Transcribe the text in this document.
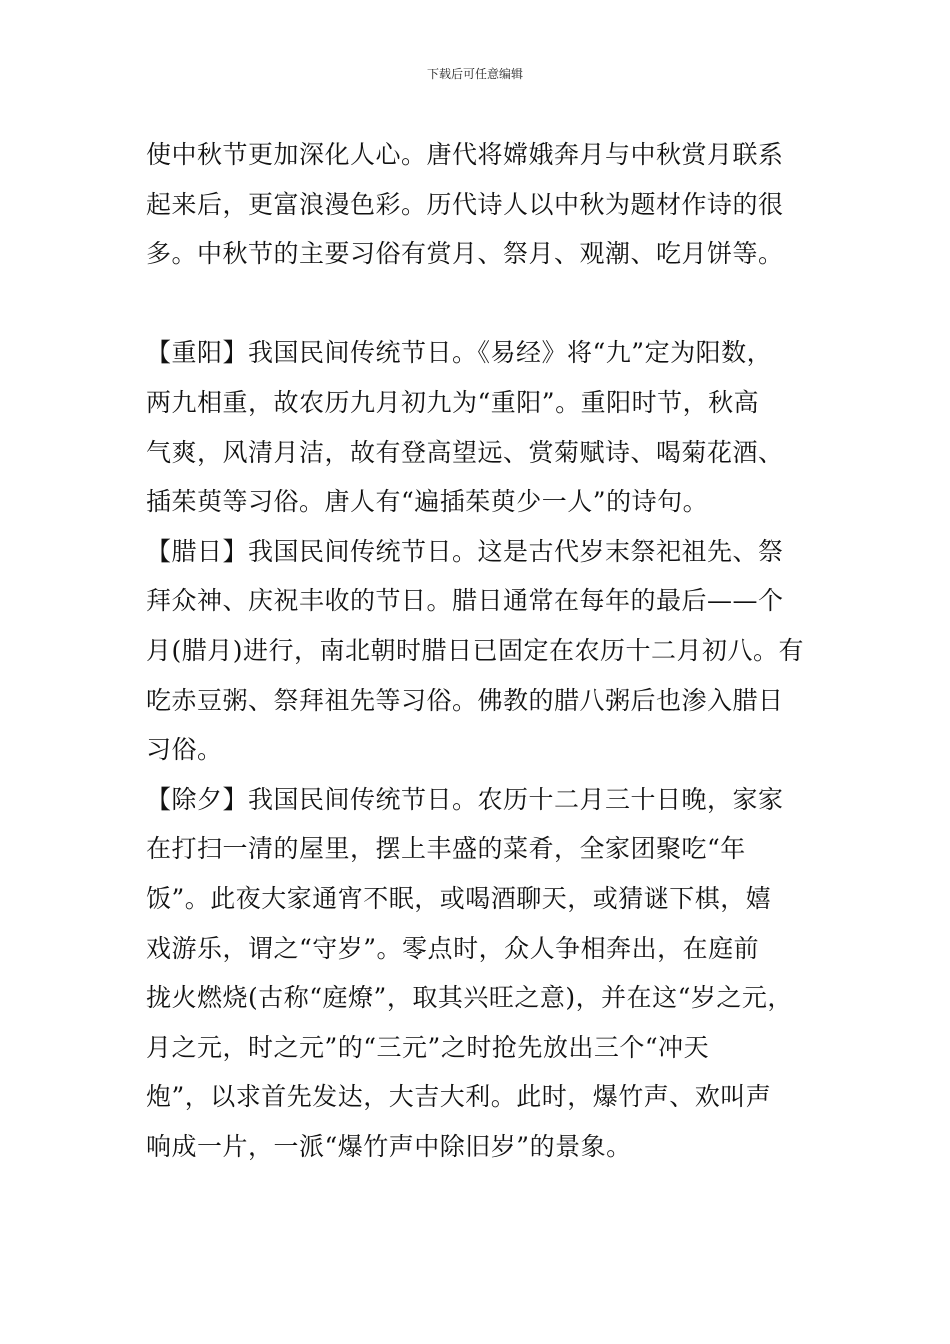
下载后可任意编辑
使中秋节更加深化人心。唐代将嫦娥奔月与中秋赏月联系
起来后，更富浪漫色彩。历代诗人以中秋为题材作诗的很
多。中秋节的主要习俗有赏月、祭月、观潮、吃月饼等。
【重阳】我国民间传统节日。《易经》将“九”定为阳数，
两九相重，故农历九月初九为“重阳”。重阳时节，秋高
气爽，风清月洁，故有登高望远、赏菊赋诗、喝菊花酒、
插茱萸等习俗。唐人有“遍插茱萸少一人”的诗句。
【腊日】我国民间传统节日。这是古代岁末祭祀祖先、祭
拜众神、庆祝丰收的节日。腊日通常在每年的最后——个
月(腊月)进行，南北朝时腊日已固定在农历十二月初八。有
吃赤豆粥、祭拜祖先等习俗。佛教的腊八粥后也渗入腊日
习俗。
【除夕】我国民间传统节日。农历十二月三十日晚，家家
在打扫一清的屋里，摆上丰盛的菜肴，全家团聚吃“年
饭”。此夜大家通宵不眠，或喝酒聊天，或猜谜下棋，嬉
戏游乐，谓之“守岁”。零点时，众人争相奔出，在庭前
拢火燃烧(古称“庭燎”，取其兴旺之意)，并在这“岁之元，
月之元，时之元”的“三元”之时抢先放出三个“冲天
炮”，以求首先发达，大吉大利。此时，爆竹声、欢叫声
响成一片，一派“爆竹声中除旧岁”的景象。
